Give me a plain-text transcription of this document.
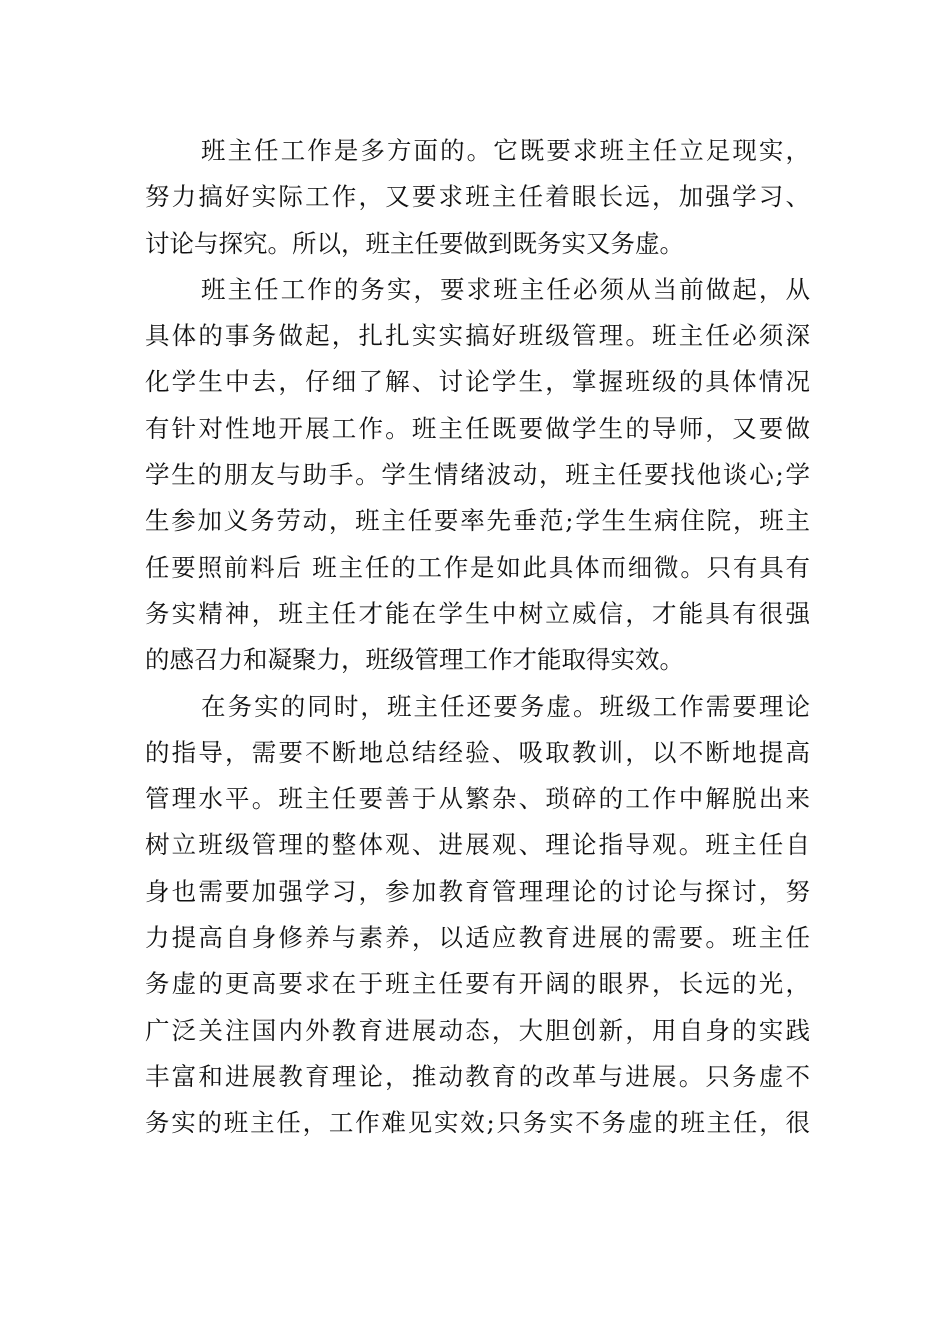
班主任工作是多方面的。它既要求班主任立足现实，
努力搞好实际工作，又要求班主任着眼长远，加强学习、
讨论与探究。所以，班主任要做到既务实又务虚。
班主任工作的务实，要求班主任必须从当前做起，从
具体的事务做起，扎扎实实搞好班级管理。班主任必须深
化学生中去，仔细了解、讨论学生，掌握班级的具体情况
有针对性地开展工作。班主任既要做学生的导师，又要做
学生的朋友与助手。学生情绪波动，班主任要找他谈心;学
生参加义务劳动，班主任要率先垂范;学生生病住院，班主
任要照前料后 班主任的工作是如此具体而细微。只有具有
务实精神，班主任才能在学生中树立威信，才能具有很强
的感召力和凝聚力，班级管理工作才能取得实效。
在务实的同时，班主任还要务虚。班级工作需要理论
的指导，需要不断地总结经验、吸取教训，以不断地提高
管理水平。班主任要善于从繁杂、琐碎的工作中解脱出来
树立班级管理的整体观、进展观、理论指导观。班主任自
身也需要加强学习，参加教育管理理论的讨论与探讨，努
力提高自身修养与素养，以适应教育进展的需要。班主任
务虚的更高要求在于班主任要有开阔的眼界，长远的光，
广泛关注国内外教育进展动态，大胆创新，用自身的实践
丰富和进展教育理论，推动教育的改革与进展。只务虚不
务实的班主任，工作难见实效;只务实不务虚的班主任，很
